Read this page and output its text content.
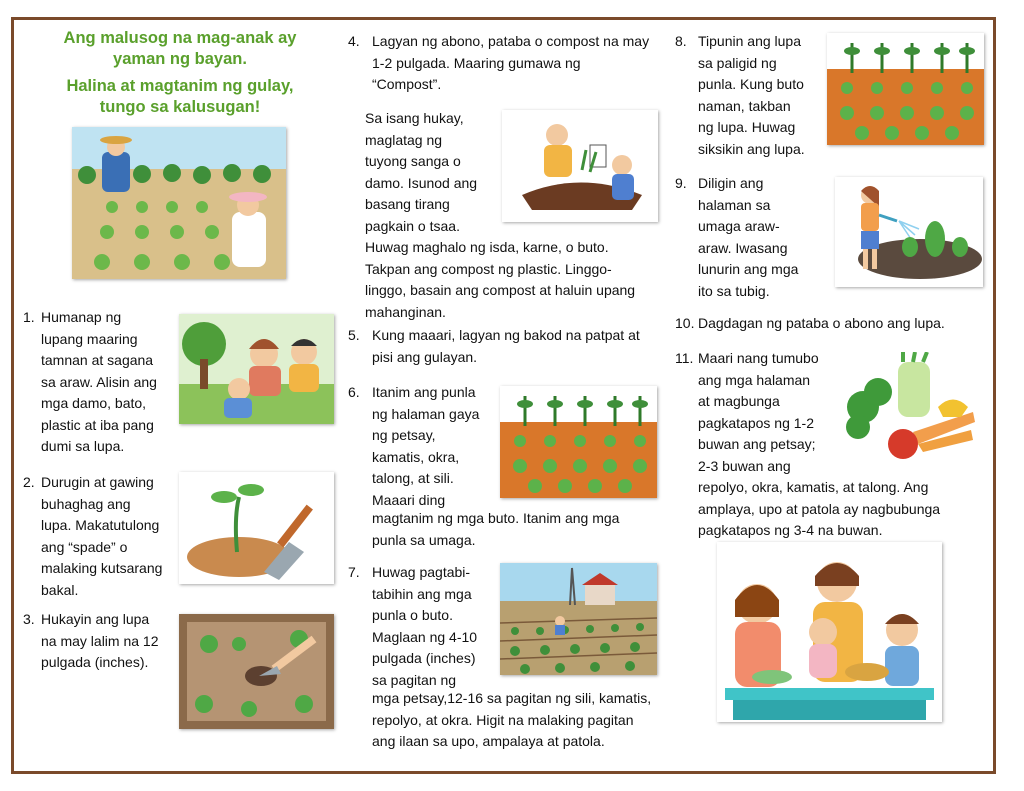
Ang malusog na mag-anak ay
yaman ng bayan.
Halina at magtanim ng gulay,
tungo sa kalusugan!
1. Humanap ng
lupang maaring
tamnan at sagana
sa araw. Alisin ang
mga damo, bato,
plastic at iba pang
dumi sa lupa.
2. Durugin at gawing
buhaghag ang
lupa. Makatutulong
ang “spade” o
malaking kutsarang
bakal.
3. Hukayin ang lupa
na may lalim na 12
pulgada (inches).
4. Lagyan ng abono, pataba o compost na may
1-2 pulgada. Maaring gumawa ng
“Compost”.
Sa isang hukay,
maglatag ng
tuyong sanga o
damo. Isunod ang
basang tirang
pagkain o tsaa.
Huwag maghalo ng isda, karne, o buto.
Takpan ang compost ng plastic. Linggo-
linggo, basain ang compost at haluin upang
mahanginan.
5. Kung maaari, lagyan ng bakod na patpat at
pisi ang gulayan.
6. Itanim ang punla
ng halaman gaya
ng petsay,
kamatis, okra,
talong, at sili.
Maaari ding
magtanim ng mga buto. Itanim ang mga
punla sa umaga.
7. Huwag pagtabi-
tabihin ang mga
punla o buto.
Maglaan ng 4-10
pulgada (inches)
sa pagitan ng
mga petsay,12-16 sa pagitan ng sili, kamatis,
repolyo, at okra. Higit na malaking pagitan
ang ilaan sa upo, ampalaya at patola.
8. Tipunin ang lupa
sa paligid ng
punla. Kung buto
naman, takban
ng lupa. Huwag
siksikin ang lupa.
9. Diligin ang
halaman sa
umaga araw-
araw. Iwasang
lunurin ang mga
ito sa tubig.
10. Dagdagan ng pataba o abono ang lupa.
11. Maari nang tumubo
ang mga halaman
at magbunga
pagkatapos ng 1-2
buwan ang petsay;
2-3 buwan ang
repolyo, okra, kamatis, at talong. Ang
amplaya, upo at patola ay nagbubunga
pagkatapos ng 3-4 na buwan.
